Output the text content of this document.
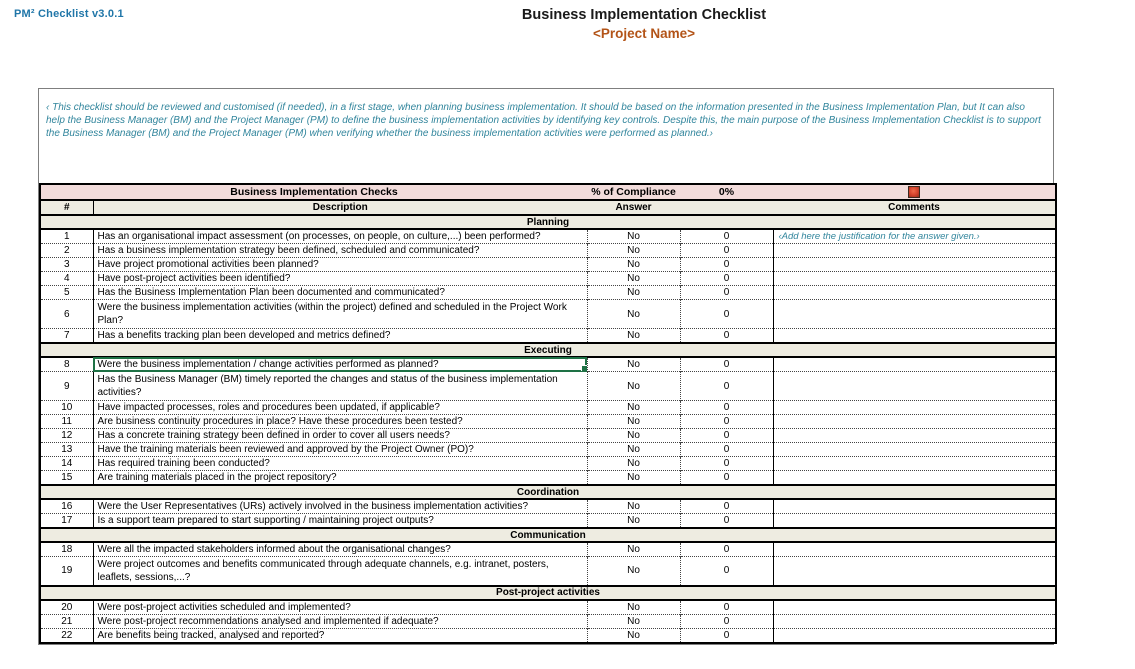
PM² Checklist v3.0.1	Business Implementation Checklist
<Project Name>
‹ This checklist should be reviewed and customised (if needed), in a first stage, when planning business implementation. It should be based on the information presented in the Business Implementation Plan, but It can also help the Business Manager (BM) and the Project Manager (PM) to define the business implementation activities by identifying key controls. Despite this, the main purpose of the Business Implementation Checklist is to support the Business Manager (BM) and the Project Manager (PM) when verifying whether the business implementation activities were performed as planned.›
Business Implementation Checks		% of Compliance	0%	
#	Description	Answer		Comments
Planning				
1	Has an organisational impact assessment (on processes, on people, on culture,...) been performed?	No	0	‹Add here the justification for the answer given.›
2	Has a business implementation strategy been defined, scheduled and communicated?	No	0	
3	Have project promotional activities been planned?	No	0	
4	Have post-project activities been identified?	No	0	
5	Has the Business Implementation Plan been documented and communicated?	No	0	
6	Were the business implementation activities (within the project) defined and scheduled in the Project Work Plan?	No	0	
7	Has a benefits tracking plan been developed and metrics defined?	No	0	
Executing				
8	Were the business implementation / change activities performed as planned?	No	0	
9	Has the Business Manager (BM) timely reported the changes and status of the business implementation activities?	No	0	
10	Have impacted processes, roles and procedures been updated, if applicable?	No	0	
11	Are business continuity procedures in place? Have these procedures been tested?	No	0	
12	Has a concrete training strategy been defined in order to cover all users needs?	No	0	
13	Have the training materials been reviewed and approved by the Project Owner (PO)?	No	0	
14	Has required training been conducted?	No	0	
15	Are training materials placed in the project repository?	No	0	
Coordination				
16	Were the User Representatives (URs) actively involved in the business implementation activities?	No	0	
17	Is a support team prepared to start supporting / maintaining project outputs?	No	0	
Communication				
18	Were all the impacted stakeholders informed about the organisational changes?	No	0	
19	Were project outcomes and benefits communicated through adequate channels, e.g. intranet, posters, leaflets, sessions,...?	No	0	
Post-project activities				
20	Were post-project activities scheduled and implemented?	No	0	
21	Were post-project recommendations analysed and implemented if adequate?	No	0	
22	Are benefits being tracked, analysed and reported?	No	0	
